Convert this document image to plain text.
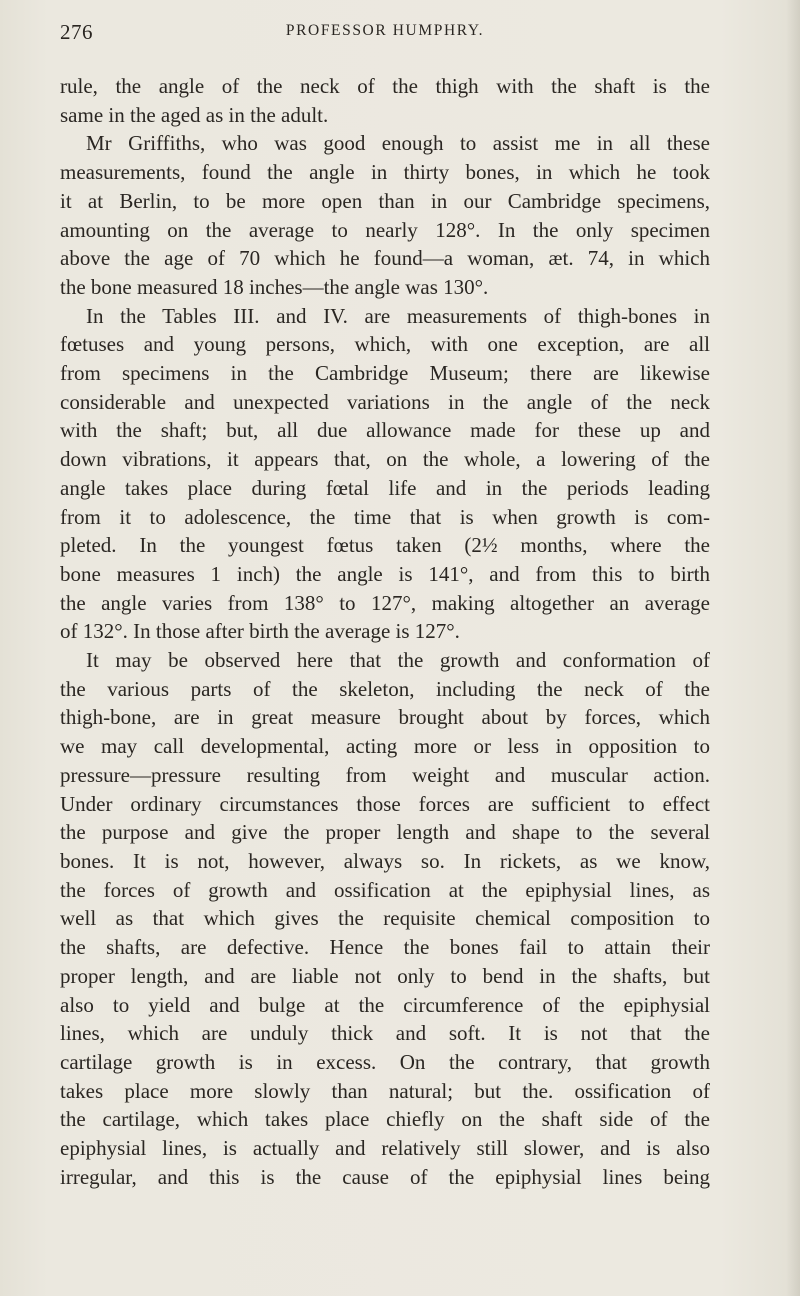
276	PROFESSOR HUMPHRY.

rule, the angle of the neck of the thigh with the shaft is the

same in the aged as in the adult.

Mr Griffiths, who was good enough to assist me in all these

measurements, found the angle in thirty bones, in which he took

it at Berlin, to be more open than in our Cambridge specimens,

amounting on the average to nearly 128°. In the only specimen

above the age of 70 which he found—a woman, æt. 74, in which

the bone measured 18 inches—the angle was 130°.

In the Tables III. and IV. are measurements of thigh-bones in

fœtuses and young persons, which, with one exception, are all

from specimens in the Cambridge Museum; there are likewise

considerable and unexpected variations in the angle of the neck

with the shaft; but, all due allowance made for these up and

down vibrations, it appears that, on the whole, a lowering of the

angle takes place during fœtal life and in the periods leading

from it to adolescence, the time that is when growth is com-

pleted. In the youngest fœtus taken (2½ months, where the

bone measures 1 inch) the angle is 141°, and from this to birth

the angle varies from 138° to 127°, making altogether an average

of 132°. In those after birth the average is 127°.

It may be observed here that the growth and conformation of

the various parts of the skeleton, including the neck of the

thigh-bone, are in great measure brought about by forces, which

we may call developmental, acting more or less in opposition to

pressure—pressure resulting from weight and muscular action.

Under ordinary circumstances those forces are sufficient to effect

the purpose and give the proper length and shape to the several

bones. It is not, however, always so. In rickets, as we know,

the forces of growth and ossification at the epiphysial lines, as

well as that which gives the requisite chemical composition to

the shafts, are defective. Hence the bones fail to attain their

proper length, and are liable not only to bend in the shafts, but

also to yield and bulge at the circumference of the epiphysial

lines, which are unduly thick and soft. It is not that the

cartilage growth is in excess. On the contrary, that growth

takes place more slowly than natural; but the. ossification of

the cartilage, which takes place chiefly on the shaft side of the

epiphysial lines, is actually and relatively still slower, and is also

irregular, and this is the cause of the epiphysial lines being
